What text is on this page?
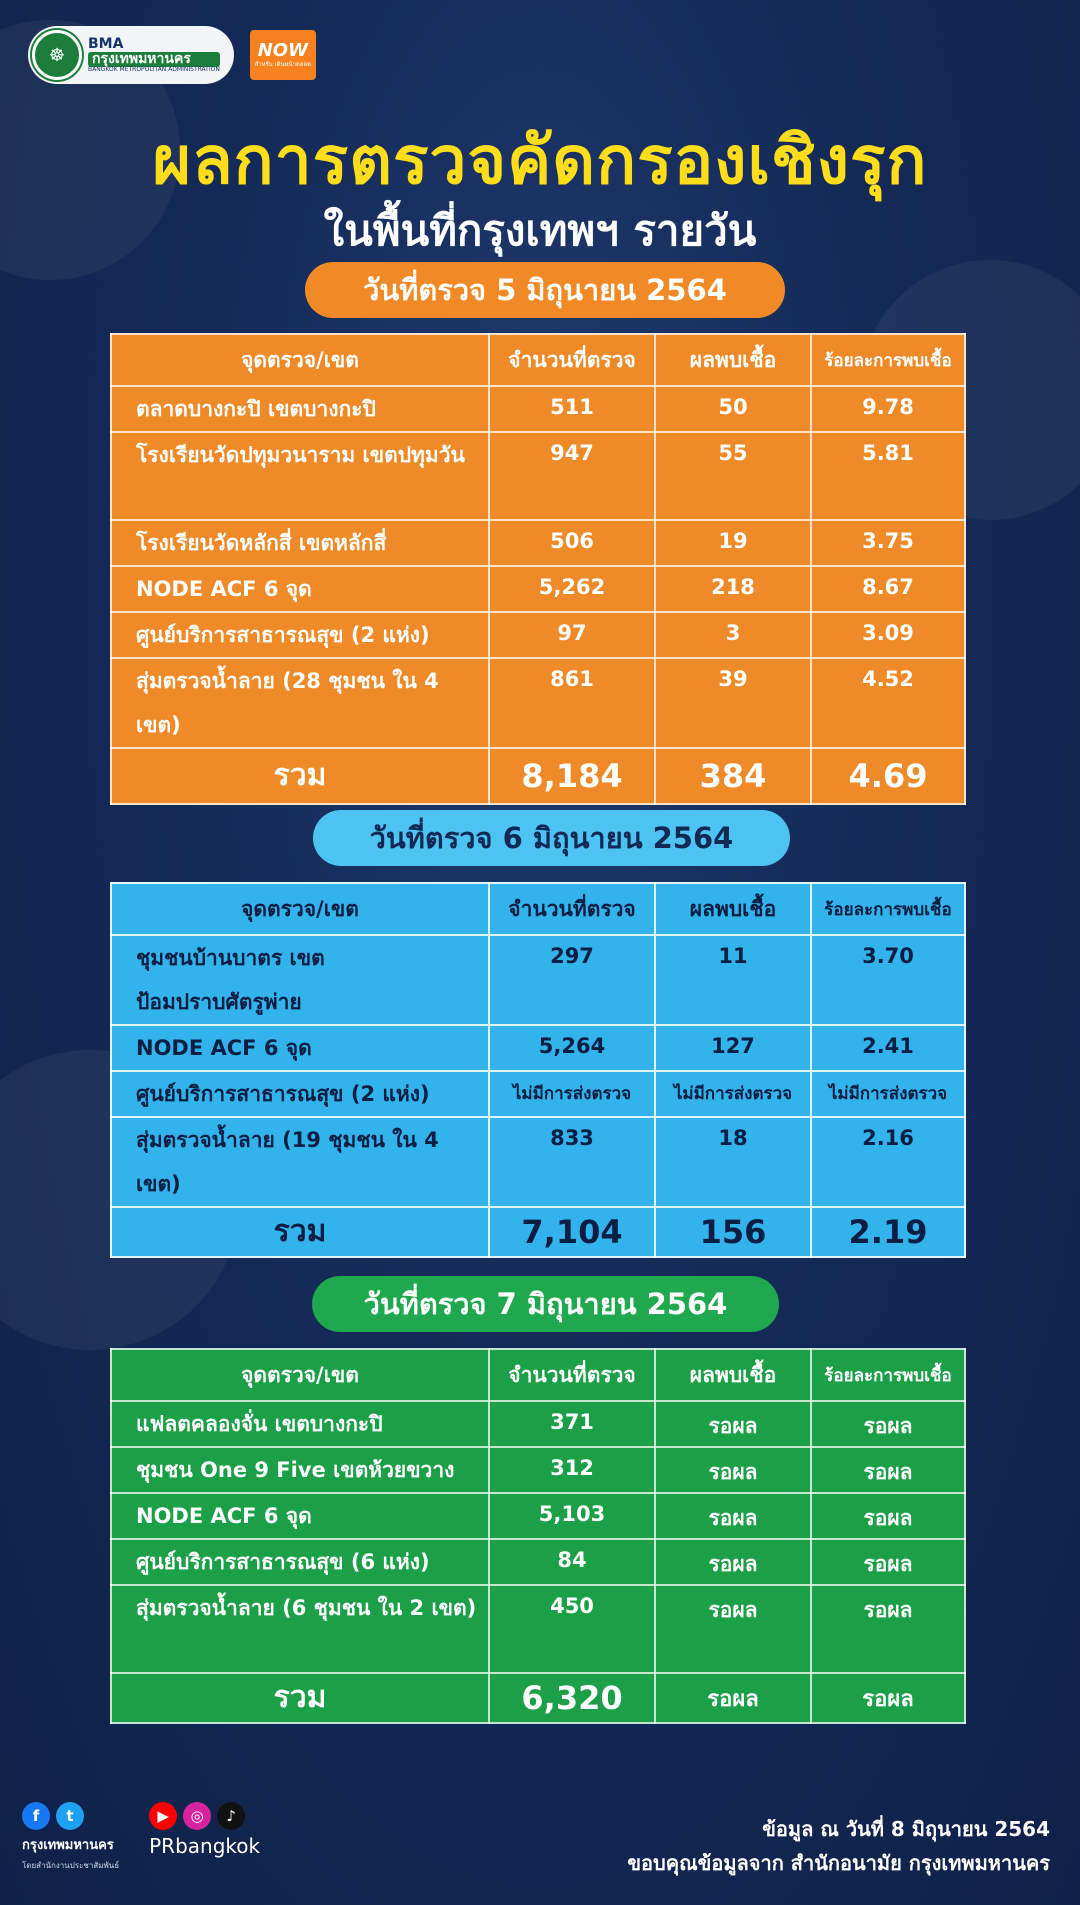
☸
BMA
กรุงเทพมหานคร
BANGKOK METROPOLITAN ADMINISTRATION
NOW
สำหรับ เดินหน้าตลอด
ผลการตรวจคัดกรองเชิงรุก
ในพื้นที่กรุงเทพฯ รายวัน
วันที่ตรวจ 5 มิถุนายน 2564
จุดตรวจ/เขต	จำนวนที่ตรวจ	ผลพบเชื้อ	ร้อยละการพบเชื้อ
ตลาดบางกะปิ เขตบางกะปิ	511	50	9.78
โรงเรียนวัดปทุมวนาราม เขตปทุมวัน	947	55	5.81
โรงเรียนวัดหลักสี่ เขตหลักสี่	506	19	3.75
NODE ACF 6 จุด	5,262	218	8.67
ศูนย์บริการสาธารณสุข (2 แห่ง)	97	3	3.09
สุ่มตรวจน้ำลาย (28 ชุมชน ใน 4 เขต)	861	39	4.52
รวม	8,184	384	4.69
วันที่ตรวจ 6 มิถุนายน 2564
จุดตรวจ/เขต	จำนวนที่ตรวจ	ผลพบเชื้อ	ร้อยละการพบเชื้อ
ชุมชนบ้านบาตร เขตป้อมปราบศัตรูพ่าย	297	11	3.70
NODE ACF 6 จุด	5,264	127	2.41
ศูนย์บริการสาธารณสุข (2 แห่ง)	ไม่มีการส่งตรวจ	ไม่มีการส่งตรวจ	ไม่มีการส่งตรวจ
สุ่มตรวจน้ำลาย (19 ชุมชน ใน 4 เขต)	833	18	2.16
รวม	7,104	156	2.19
วันที่ตรวจ 7 มิถุนายน 2564
จุดตรวจ/เขต	จำนวนที่ตรวจ	ผลพบเชื้อ	ร้อยละการพบเชื้อ
แฟลตคลองจั่น เขตบางกะปิ	371	รอผล	รอผล
ชุมชน One 9 Five เขตห้วยขวาง	312	รอผล	รอผล
NODE ACF 6 จุด	5,103	รอผล	รอผล
ศูนย์บริการสาธารณสุข (6 แห่ง)	84	รอผล	รอผล
สุ่มตรวจน้ำลาย (6 ชุมชน ใน 2 เขต)	450	รอผล	รอผล
รวม	6,320	รอผล	รอผล
f	t
กรุงเทพมหานคร
โดยสำนักงานประชาสัมพันธ์
▶	◎	♪
PRbangkok
ข้อมูล ณ วันที่ 8 มิถุนายน 2564
ขอบคุณข้อมูลจาก สำนักอนามัย กรุงเทพมหานคร
